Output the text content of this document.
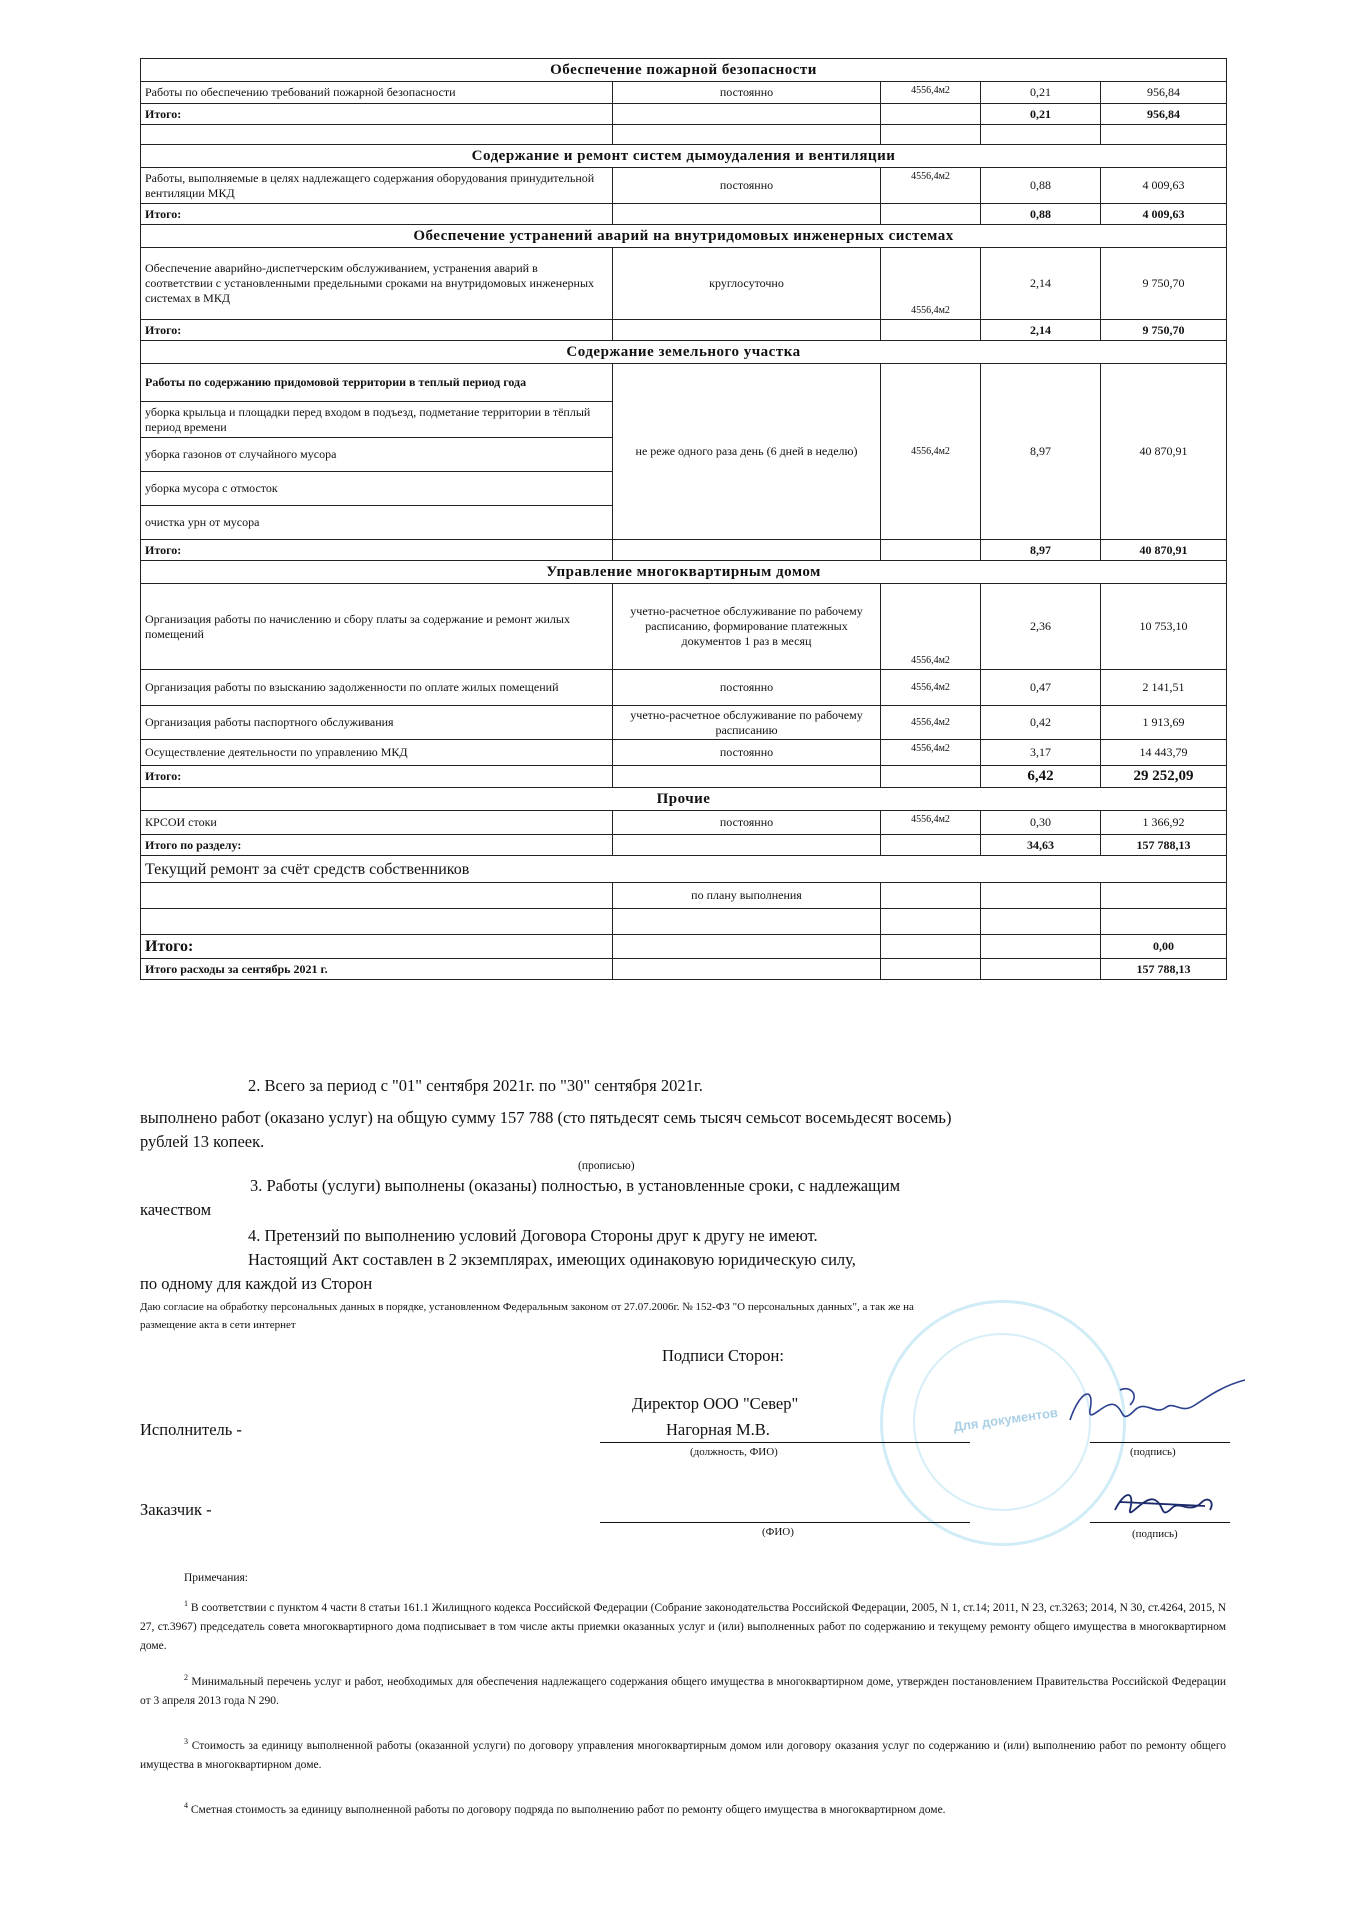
Обеспечение пожарной безопасности				
Работы по обеспечению требований пожарной безопасности	постоянно	4556,4м2	0,21	956,84
Итого:			0,21	956,84

Содержание и ремонт систем дымоудаления и вентиляции				
Работы, выполняемые в целях надлежащего содержания оборудования принудительной вентиляции МКД	постоянно	4556,4м2	0,88	4 009,63
Итого:			0,88	4 009,63
Обеспечение устранений аварий на внутридомовых инженерных системах				
Обеспечение аварийно-диспетчерским обслуживанием, устранения аварий в соответствии с установленными предельными сроками на внутридомовых инженерных системах в МКД	круглосуточно	4556,4м2	2,14	9 750,70
Итого:			2,14	9 750,70
Содержание земельного участка				
Работы по содержанию придомовой территории в теплый период года	не реже одного раза день (6 дней в неделю)	4556,4м2	8,97	40 870,91
уборка крыльца и площадки перед входом в подъезд, подметание территории в тёплый период времени				
уборка газонов от случайного мусора				
уборка мусора с отмосток				
очистка урн от мусора				
Итого:			8,97	40 870,91
Управление многоквартирным домом				
Организация работы по начислению и сбору платы за содержание и ремонт жилых помещений	учетно-расчетное обслуживание по рабочему расписанию, формирование платежных документов 1 раз в месяц	4556,4м2	2,36	10 753,10
Организация работы по взысканию задолженности по оплате жилых помещений	постоянно	4556,4м2	0,47	2 141,51
Организация работы паспортного обслуживания	учетно-расчетное обслуживание по рабочему расписанию	4556,4м2	0,42	1 913,69
Осуществление деятельности по управлению МКД	постоянно	4556,4м2	3,17	14 443,79
Итого:			6,42	29 252,09
Прочие				
КРСОИ стоки	постоянно	4556,4м2	0,30	1 366,92
Итого по разделу:			34,63	157 788,13
Текущий ремонт за счёт средств собственников				
	по плану выполнения			

Итого:				0,00
Итого расходы за сентябрь 2021 г.				157 788,13
2. Всего за период с "01" сентября 2021г. по "30" сентября 2021г.
выполнено работ (оказано услуг) на общую сумму 157 788 (сто пятьдесят семь тысяч семьсот восемьдесят восемь)
рублей 13 копеек.
(прописью)
3. Работы (услуги) выполнены (оказаны) полностью, в установленные сроки, с надлежащим
качеством
4. Претензий по выполнению условий Договора Стороны друг к другу не имеют.
Настоящий Акт составлен в 2 экземплярах, имеющих одинаковую юридическую силу,
по одному для каждой из Сторон
Даю согласие на обработку персональных данных в порядке, установленном Федеральным законом от 27.07.2006г. № 152-ФЗ "О персональных данных", а так же на
размещение акта в сети интернет
Для документов
Подписи Сторон:
Директор ООО "Север"
Исполнитель -	Нагорная М.В.
(должность, ФИО)	(подпись)
Заказчик -
(ФИО)	(подпись)
Примечания:
$^1$ В соответствии с пунктом 4 части 8 статьи 161.1 Жилищного кодекса Российской Федерации (Собрание законодательства Российской Федерации, 2005, N 1, ст.14; 2011, N 23, ст.3263; 2014, N 30, ст.4264, 2015, N 27, ст.3967) председатель совета многоквартирного дома подписывает в том числе акты приемки оказанных услуг и (или) выполненных работ по содержанию и текущему ремонту общего имущества в многоквартирном доме.
$^2$ Минимальный перечень услуг и работ, необходимых для обеспечения надлежащего содержания общего имущества в многоквартирном доме, утвержден постановлением Правительства Российской Федерации от 3 апреля 2013 года N 290.
$^3$ Стоимость за единицу выполненной работы (оказанной услуги) по договору управления многоквартирным домом или договору оказания услуг по содержанию и (или) выполнению работ по ремонту общего имущества в многоквартирном доме.
$^4$ Сметная стоимость за единицу выполненной работы по договору подряда по выполнению работ по ремонту общего имущества в многоквартирном доме.
